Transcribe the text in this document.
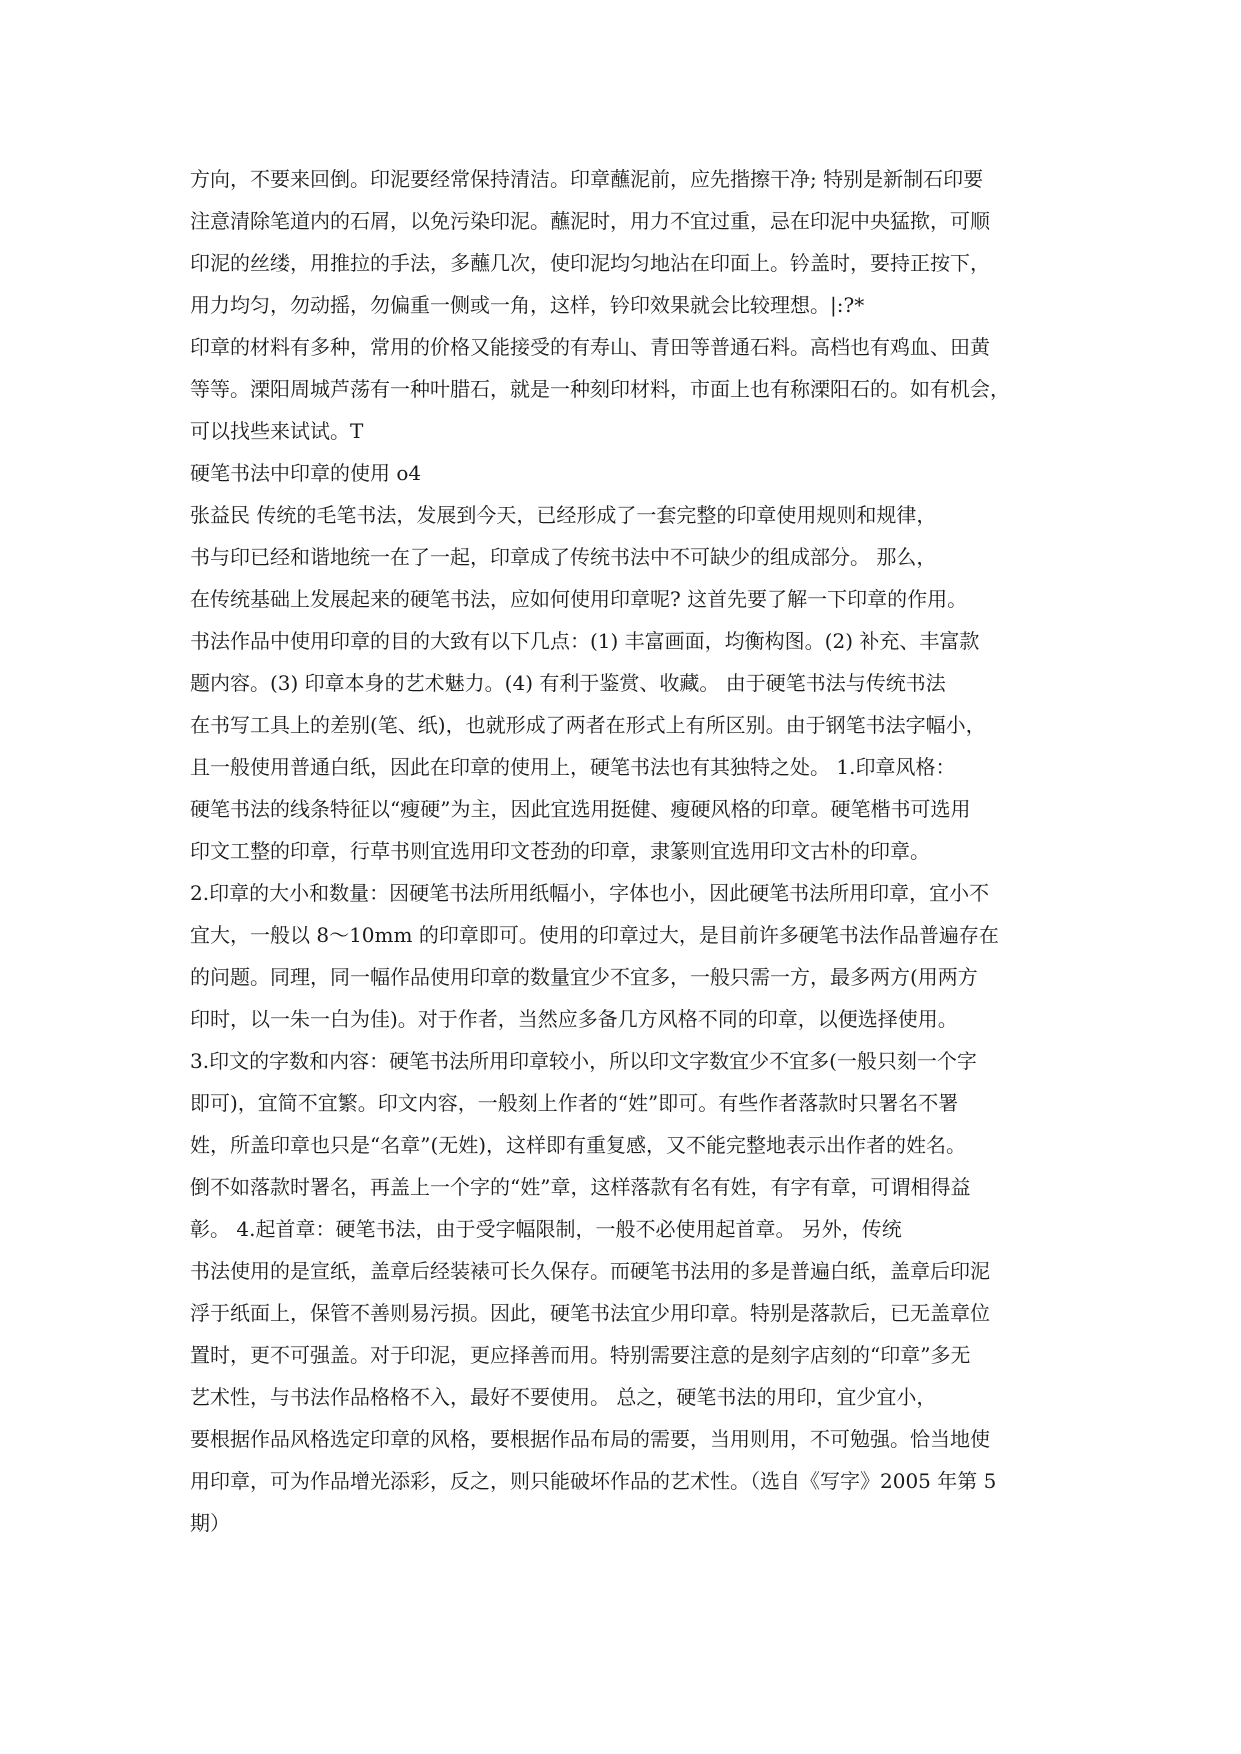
方向，不要来回倒。印泥要经常保持清洁。印章蘸泥前，应先揩擦干净; 特别是新制石印要
注意清除笔道内的石屑，以免污染印泥。蘸泥时，用力不宜过重，忌在印泥中央猛揿，可顺
印泥的丝缕，用推拉的手法，多蘸几次，使印泥均匀地沾在印面上。钤盖时，要持正按下，
用力均匀，勿动摇，勿偏重一侧或一角，这样，钤印效果就会比较理想。|:?*
印章的材料有多种，常用的价格又能接受的有寿山、青田等普通石料。高档也有鸡血、田黄
等等。溧阳周城芦荡有一种叶腊石，就是一种刻印材料，市面上也有称溧阳石的。如有机会，
可以找些来试试。T
硬笔书法中印章的使用 o4
张益民 传统的毛笔书法，发展到今天，已经形成了一套完整的印章使用规则和规律，
书与印已经和谐地统一在了一起，印章成了传统书法中不可缺少的组成部分。 那么，
在传统基础上发展起来的硬笔书法，应如何使用印章呢? 这首先要了解一下印章的作用。
书法作品中使用印章的目的大致有以下几点：(1) 丰富画面，均衡构图。(2) 补充、丰富款
题内容。(3) 印章本身的艺术魅力。(4) 有利于鉴赏、收藏。 由于硬笔书法与传统书法
在书写工具上的差别(笔、纸)，也就形成了两者在形式上有所区别。由于钢笔书法字幅小，
且一般使用普通白纸，因此在印章的使用上，硬笔书法也有其独特之处。 1.印章风格：
硬笔书法的线条特征以“瘦硬”为主，因此宜选用挺健、瘦硬风格的印章。硬笔楷书可选用
印文工整的印章，行草书则宜选用印文苍劲的印章，隶篆则宜选用印文古朴的印章。
2.印章的大小和数量：因硬笔书法所用纸幅小，字体也小，因此硬笔书法所用印章，宜小不
宜大，一般以 8～10mm 的印章即可。使用的印章过大，是目前许多硬笔书法作品普遍存在
的问题。同理，同一幅作品使用印章的数量宜少不宜多，一般只需一方，最多两方(用两方
印时，以一朱一白为佳)。对于作者，当然应多备几方风格不同的印章，以便选择使用。
3.印文的字数和内容：硬笔书法所用印章较小，所以印文字数宜少不宜多(一般只刻一个字
即可)，宜简不宜繁。印文内容，一般刻上作者的“姓”即可。有些作者落款时只署名不署
姓，所盖印章也只是“名章”(无姓)，这样即有重复感，又不能完整地表示出作者的姓名。
倒不如落款时署名，再盖上一个字的“姓”章，这样落款有名有姓，有字有章，可谓相得益
彰。 4.起首章：硬笔书法，由于受字幅限制，一般不必使用起首章。 另外，传统
书法使用的是宣纸，盖章后经装裱可长久保存。而硬笔书法用的多是普遍白纸，盖章后印泥
浮于纸面上，保管不善则易污损。因此，硬笔书法宜少用印章。特别是落款后，已无盖章位
置时，更不可强盖。对于印泥，更应择善而用。特别需要注意的是刻字店刻的“印章”多无
艺术性，与书法作品格格不入，最好不要使用。 总之，硬笔书法的用印，宜少宜小，
要根据作品风格选定印章的风格，要根据作品布局的需要，当用则用，不可勉强。恰当地使
用印章，可为作品增光添彩，反之，则只能破坏作品的艺术性。（选自《写字》2005 年第 5
期）
